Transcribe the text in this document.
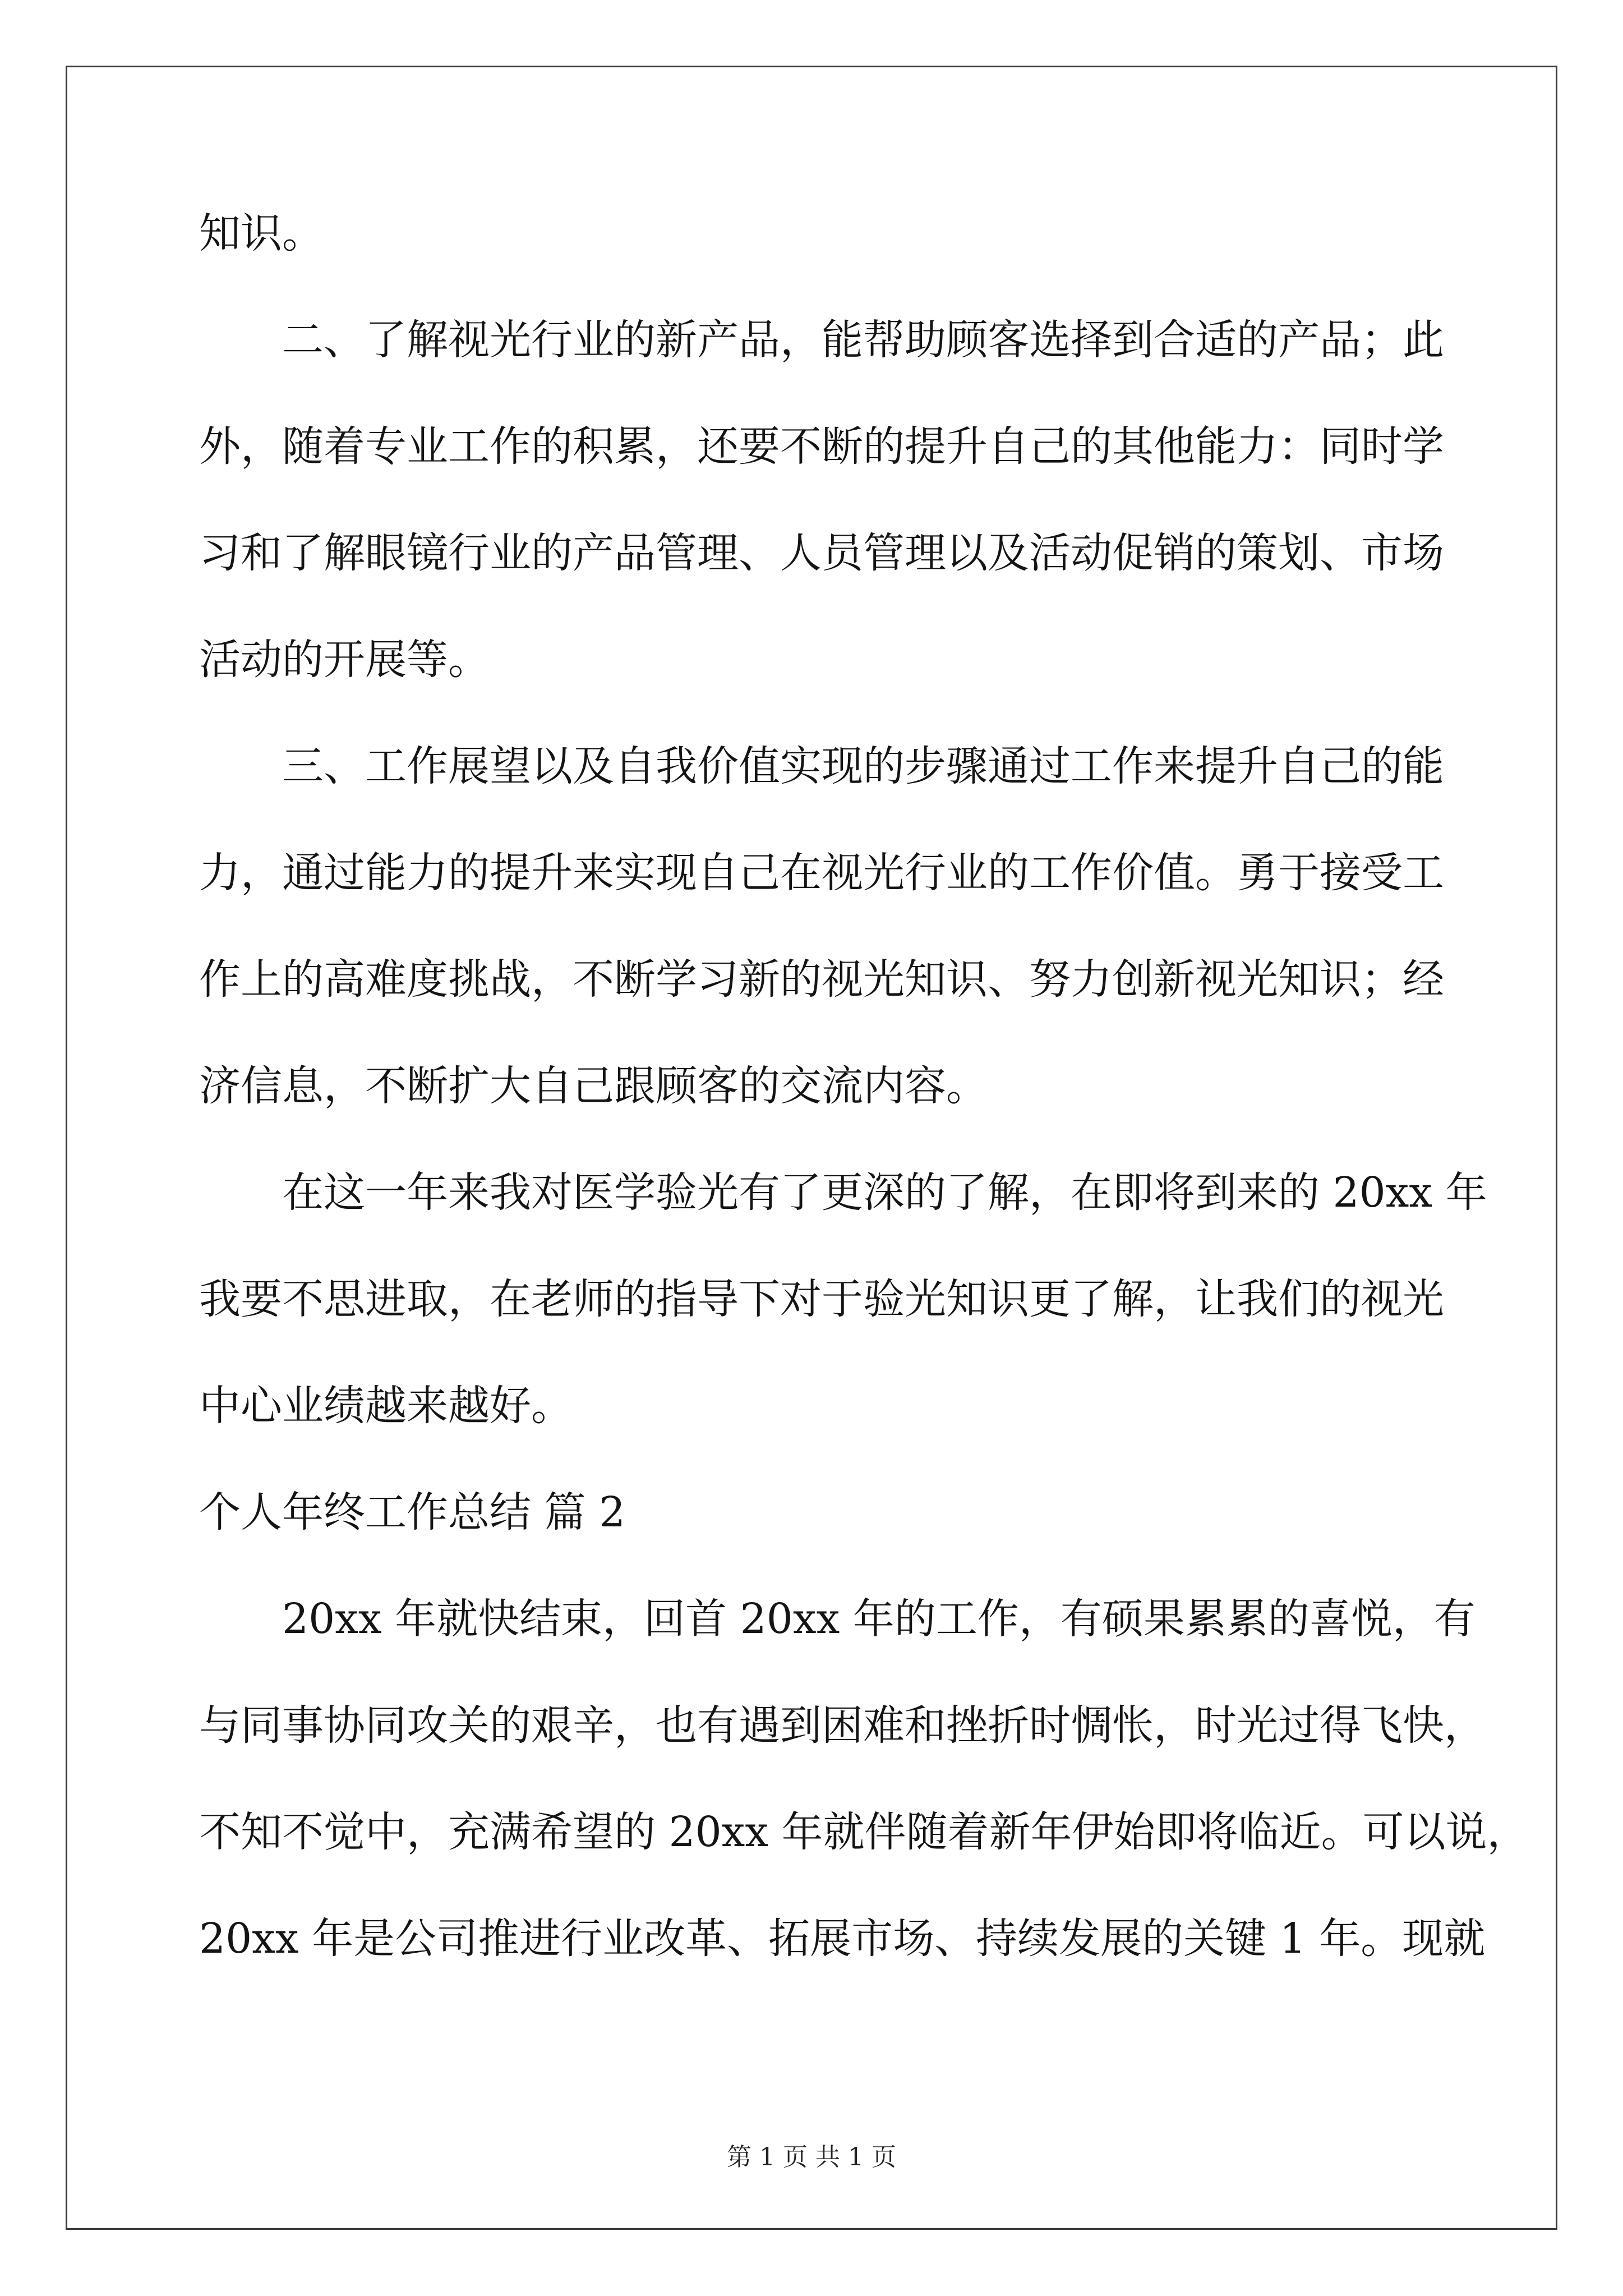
知识。
二、了解视光行业的新产品，能帮助顾客选择到合适的产品；此
外，随着专业工作的积累，还要不断的提升自己的其他能力：同时学
习和了解眼镜行业的产品管理、人员管理以及活动促销的策划、市场
活动的开展等。
三、工作展望以及自我价值实现的步骤通过工作来提升自己的能
力，通过能力的提升来实现自己在视光行业的工作价值。勇于接受工
作上的高难度挑战，不断学习新的视光知识、努力创新视光知识；经
济信息，不断扩大自己跟顾客的交流内容。
在这一年来我对医学验光有了更深的了解，在即将到来的 20xx 年
我要不思进取，在老师的指导下对于验光知识更了解，让我们的视光
中心业绩越来越好。
个人年终工作总结 篇 2
20xx 年就快结束，回首 20xx 年的工作，有硕果累累的喜悦，有
与同事协同攻关的艰辛，也有遇到困难和挫折时惆怅，时光过得飞快，
不知不觉中，充满希望的 20xx 年就伴随着新年伊始即将临近。可以说，
20xx 年是公司推进行业改革、拓展市场、持续发展的关键 1 年。现就
第 1 页 共 1 页
